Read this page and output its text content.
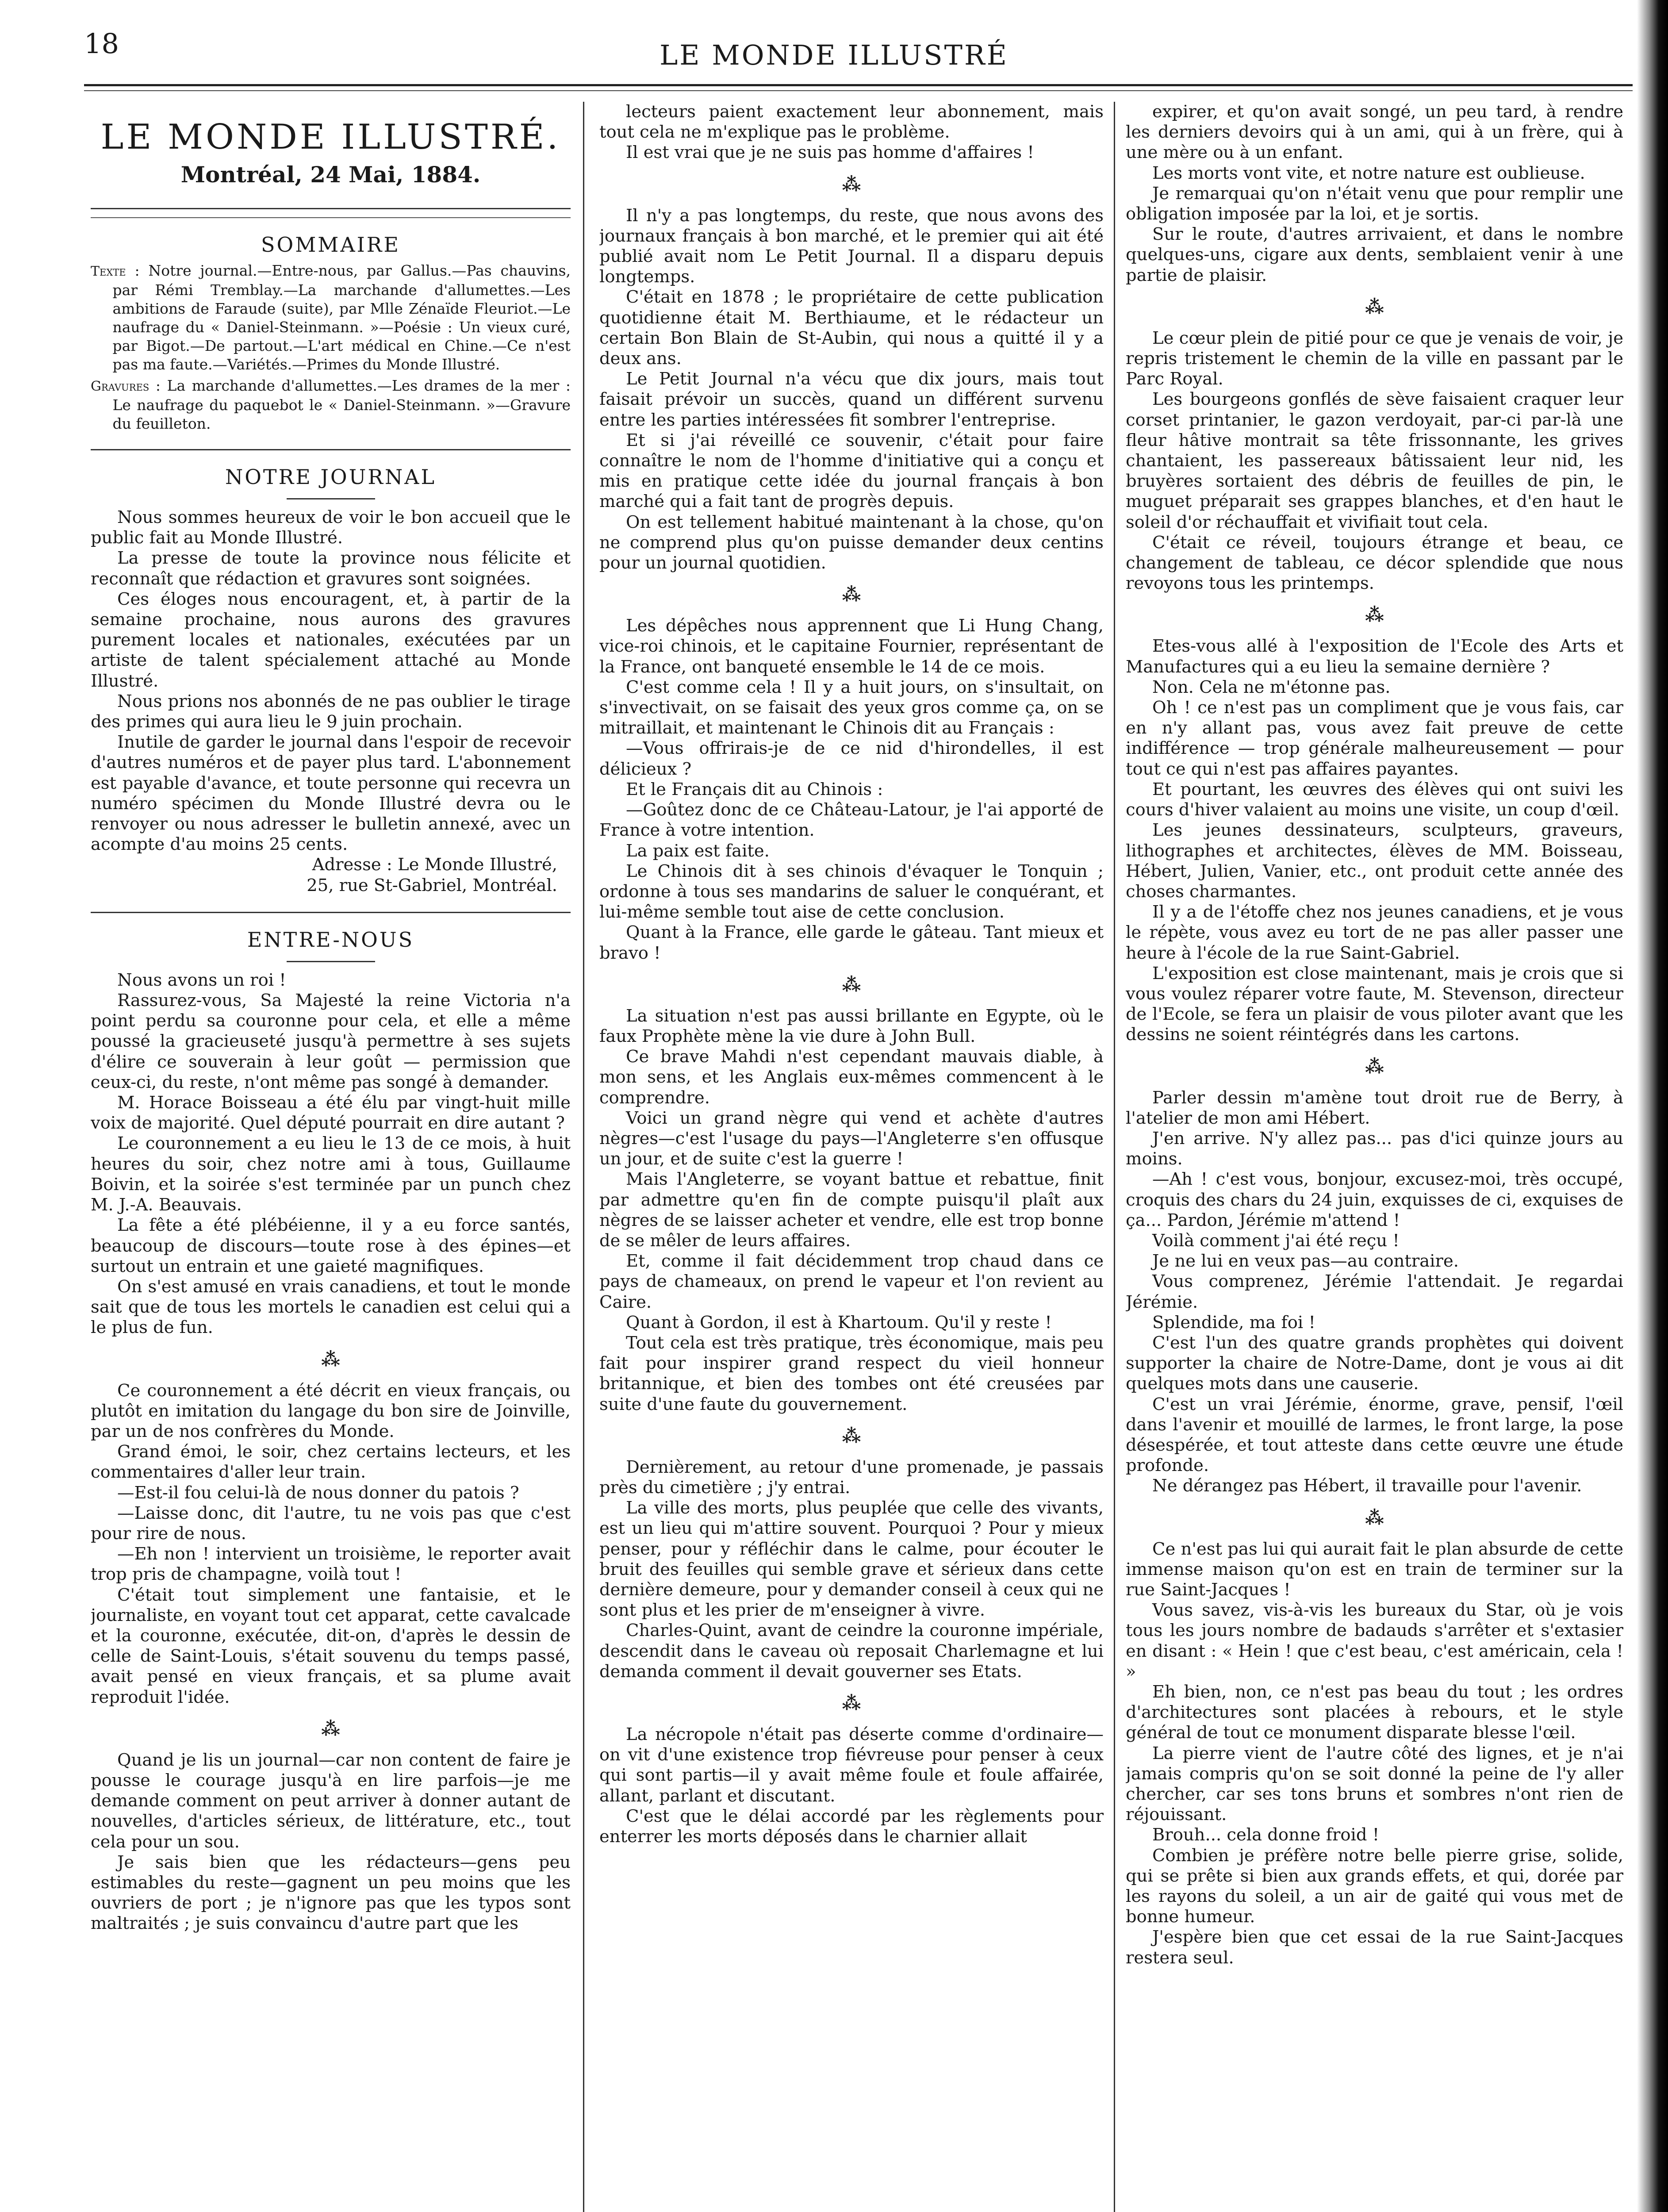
18	LE MONDE ILLUSTRÉ
LE MONDE ILLUSTRÉ.
Montréal, 24 Mai, 1884.
SOMMAIRE
Texte : Notre journal.—Entre-nous, par Gallus.—Pas chauvins, par Rémi Tremblay.—La marchande d'allumettes.—Les ambitions de Faraude (suite), par Mlle Zénaïde Fleuriot.—Le naufrage du « Daniel-Steinmann. »—Poésie : Un vieux curé, par Bigot.—De partout.—L'art médical en Chine.—Ce n'est pas ma faute.—Variétés.—Primes du Monde Illustré.
Gravures : La marchande d'allumettes.—Les drames de la mer : Le naufrage du paquebot le « Daniel-Steinmann. »—Gravure du feuilleton.
NOTRE JOURNAL

Nous sommes heureux de voir le bon accueil que le public fait au Monde Illustré.

La presse de toute la province nous félicite et reconnaît que rédaction et gravures sont soignées.

Ces éloges nous encouragent, et, à partir de la semaine prochaine, nous aurons des gravures purement locales et nationales, exécutées par un artiste de talent spécialement attaché au Monde Illustré.

Nous prions nos abonnés de ne pas oublier le tirage des primes qui aura lieu le 9 juin prochain.

Inutile de garder le journal dans l'espoir de recevoir d'autres numéros et de payer plus tard. L'abonnement est payable d'avance, et toute personne qui recevra un numéro spécimen du Monde Illustré devra ou le renvoyer ou nous adresser le bulletin annexé, avec un acompte d'au moins 25 cents.

Adresse : Le Monde Illustré,

25, rue St-Gabriel, Montréal.

ENTRE-NOUS

Nous avons un roi !

Rassurez-vous, Sa Majesté la reine Victoria n'a point perdu sa couronne pour cela, et elle a même poussé la gracieuseté jusqu'à permettre à ses sujets d'élire ce souverain à leur goût — permission que ceux-ci, du reste, n'ont même pas songé à demander.

M. Horace Boisseau a été élu par vingt-huit mille voix de majorité. Quel député pourrait en dire autant ?

Le couronnement a eu lieu le 13 de ce mois, à huit heures du soir, chez notre ami à tous, Guillaume Boivin, et la soirée s'est terminée par un punch chez M. J.-A. Beauvais.

La fête a été plébéienne, il y a eu force santés, beaucoup de discours—toute rose à des épines—et surtout un entrain et une gaieté magnifiques.

On s'est amusé en vrais canadiens, et tout le monde sait que de tous les mortels le canadien est celui qui a le plus de fun.

⁂

Ce couronnement a été décrit en vieux français, ou plutôt en imitation du langage du bon sire de Joinville, par un de nos confrères du Monde.

Grand émoi, le soir, chez certains lecteurs, et les commentaires d'aller leur train.

—Est-il fou celui-là de nous donner du patois ?

—Laisse donc, dit l'autre, tu ne vois pas que c'est pour rire de nous.

—Eh non ! intervient un troisième, le reporter avait trop pris de champagne, voilà tout !

C'était tout simplement une fantaisie, et le journaliste, en voyant tout cet apparat, cette cavalcade et la couronne, exécutée, dit-on, d'après le dessin de celle de Saint-Louis, s'était souvenu du temps passé, avait pensé en vieux français, et sa plume avait reproduit l'idée.

⁂

Quand je lis un journal—car non content de faire je pousse le courage jusqu'à en lire parfois—je me demande comment on peut arriver à donner autant de nouvelles, d'articles sérieux, de littérature, etc., tout cela pour un sou.

Je sais bien que les rédacteurs—gens peu estimables du reste—gagnent un peu moins que les ouvriers de port ; je n'ignore pas que les typos sont maltraités ; je suis convaincu d'autre part que les

lecteurs paient exactement leur abonnement, mais tout cela ne m'explique pas le problème.

Il est vrai que je ne suis pas homme d'affaires !

⁂

Il n'y a pas longtemps, du reste, que nous avons des journaux français à bon marché, et le premier qui ait été publié avait nom Le Petit Journal. Il a disparu depuis longtemps.

C'était en 1878 ; le propriétaire de cette publication quotidienne était M. Berthiaume, et le rédacteur un certain Bon Blain de St-Aubin, qui nous a quitté il y a deux ans.

Le Petit Journal n'a vécu que dix jours, mais tout faisait prévoir un succès, quand un différent survenu entre les parties intéressées fit sombrer l'entreprise.

Et si j'ai réveillé ce souvenir, c'était pour faire connaître le nom de l'homme d'initiative qui a conçu et mis en pratique cette idée du journal français à bon marché qui a fait tant de progrès depuis.

On est tellement habitué maintenant à la chose, qu'on ne comprend plus qu'on puisse demander deux centins pour un journal quotidien.

⁂

Les dépêches nous apprennent que Li Hung Chang, vice-roi chinois, et le capitaine Fournier, représentant de la France, ont banqueté ensemble le 14 de ce mois.

C'est comme cela ! Il y a huit jours, on s'insultait, on s'invectivait, on se faisait des yeux gros comme ça, on se mitraillait, et maintenant le Chinois dit au Français :

—Vous offrirais-je de ce nid d'hirondelles, il est délicieux ?

Et le Français dit au Chinois :

—Goûtez donc de ce Château-Latour, je l'ai apporté de France à votre intention.

La paix est faite.

Le Chinois dit à ses chinois d'évaquer le Tonquin ; ordonne à tous ses mandarins de saluer le conquérant, et lui-même semble tout aise de cette conclusion.

Quant à la France, elle garde le gâteau. Tant mieux et bravo !

⁂

La situation n'est pas aussi brillante en Egypte, où le faux Prophète mène la vie dure à John Bull.

Ce brave Mahdi n'est cependant mauvais diable, à mon sens, et les Anglais eux-mêmes commencent à le comprendre.

Voici un grand nègre qui vend et achète d'autres nègres—c'est l'usage du pays—l'Angleterre s'en offusque un jour, et de suite c'est la guerre !

Mais l'Angleterre, se voyant battue et rebattue, finit par admettre qu'en fin de compte puisqu'il plaît aux nègres de se laisser acheter et vendre, elle est trop bonne de se mêler de leurs affaires.

Et, comme il fait décidemment trop chaud dans ce pays de chameaux, on prend le vapeur et l'on revient au Caire.

Quant à Gordon, il est à Khartoum. Qu'il y reste !

Tout cela est très pratique, très économique, mais peu fait pour inspirer grand respect du vieil honneur britannique, et bien des tombes ont été creusées par suite d'une faute du gouvernement.

⁂

Dernièrement, au retour d'une promenade, je passais près du cimetière ; j'y entrai.

La ville des morts, plus peuplée que celle des vivants, est un lieu qui m'attire souvent. Pourquoi ? Pour y mieux penser, pour y réfléchir dans le calme, pour écouter le bruit des feuilles qui semble grave et sérieux dans cette dernière demeure, pour y demander conseil à ceux qui ne sont plus et les prier de m'enseigner à vivre.

Charles-Quint, avant de ceindre la couronne impériale, descendit dans le caveau où reposait Charlemagne et lui demanda comment il devait gouverner ses Etats.

⁂

La nécropole n'était pas déserte comme d'ordinaire—on vit d'une existence trop fiévreuse pour penser à ceux qui sont partis—il y avait même foule et foule affairée, allant, parlant et discutant.

C'est que le délai accordé par les règlements pour enterrer les morts déposés dans le charnier allait

expirer, et qu'on avait songé, un peu tard, à rendre les derniers devoirs qui à un ami, qui à un frère, qui à une mère ou à un enfant.

Les morts vont vite, et notre nature est oublieuse.

Je remarquai qu'on n'était venu que pour remplir une obligation imposée par la loi, et je sortis.

Sur le route, d'autres arrivaient, et dans le nombre quelques-uns, cigare aux dents, semblaient venir à une partie de plaisir.

⁂

Le cœur plein de pitié pour ce que je venais de voir, je repris tristement le chemin de la ville en passant par le Parc Royal.

Les bourgeons gonflés de sève faisaient craquer leur corset printanier, le gazon verdoyait, par-ci par-là une fleur hâtive montrait sa tête frissonnante, les grives chantaient, les passereaux bâtissaient leur nid, les bruyères sortaient des débris de feuilles de pin, le muguet préparait ses grappes blanches, et d'en haut le soleil d'or réchauffait et vivifiait tout cela.

C'était ce réveil, toujours étrange et beau, ce changement de tableau, ce décor splendide que nous revoyons tous les printemps.

⁂

Etes-vous allé à l'exposition de l'Ecole des Arts et Manufactures qui a eu lieu la semaine dernière ?

Non. Cela ne m'étonne pas.

Oh ! ce n'est pas un compliment que je vous fais, car en n'y allant pas, vous avez fait preuve de cette indifférence — trop générale malheureusement — pour tout ce qui n'est pas affaires payantes.

Et pourtant, les œuvres des élèves qui ont suivi les cours d'hiver valaient au moins une visite, un coup d'œil.

Les jeunes dessinateurs, sculpteurs, graveurs, lithographes et architectes, élèves de MM. Boisseau, Hébert, Julien, Vanier, etc., ont produit cette année des choses charmantes.

Il y a de l'étoffe chez nos jeunes canadiens, et je vous le répète, vous avez eu tort de ne pas aller passer une heure à l'école de la rue Saint-Gabriel.

L'exposition est close maintenant, mais je crois que si vous voulez réparer votre faute, M. Stevenson, directeur de l'Ecole, se fera un plaisir de vous piloter avant que les dessins ne soient réintégrés dans les cartons.

⁂

Parler dessin m'amène tout droit rue de Berry, à l'atelier de mon ami Hébert.

J'en arrive. N'y allez pas... pas d'ici quinze jours au moins.

—Ah ! c'est vous, bonjour, excusez-moi, très occupé, croquis des chars du 24 juin, exquisses de ci, exquises de ça... Pardon, Jérémie m'attend !

Voilà comment j'ai été reçu !

Je ne lui en veux pas—au contraire.

Vous comprenez, Jérémie l'attendait. Je regardai Jérémie.

Splendide, ma foi !

C'est l'un des quatre grands prophètes qui doivent supporter la chaire de Notre-Dame, dont je vous ai dit quelques mots dans une causerie.

C'est un vrai Jérémie, énorme, grave, pensif, l'œil dans l'avenir et mouillé de larmes, le front large, la pose désespérée, et tout atteste dans cette œuvre une étude profonde.

Ne dérangez pas Hébert, il travaille pour l'avenir.

⁂

Ce n'est pas lui qui aurait fait le plan absurde de cette immense maison qu'on est en train de terminer sur la rue Saint-Jacques !

Vous savez, vis-à-vis les bureaux du Star, où je vois tous les jours nombre de badauds s'arrêter et s'extasier en disant : « Hein ! que c'est beau, c'est américain, cela ! »

Eh bien, non, ce n'est pas beau du tout ; les ordres d'architectures sont placées à rebours, et le style général de tout ce monument disparate blesse l'œil.

La pierre vient de l'autre côté des lignes, et je n'ai jamais compris qu'on se soit donné la peine de l'y aller chercher, car ses tons bruns et sombres n'ont rien de réjouissant.

Brouh... cela donne froid !

Combien je préfère notre belle pierre grise, solide, qui se prête si bien aux grands effets, et qui, dorée par les rayons du soleil, a un air de gaité qui vous met de bonne humeur.

J'espère bien que cet essai de la rue Saint-Jacques restera seul.
